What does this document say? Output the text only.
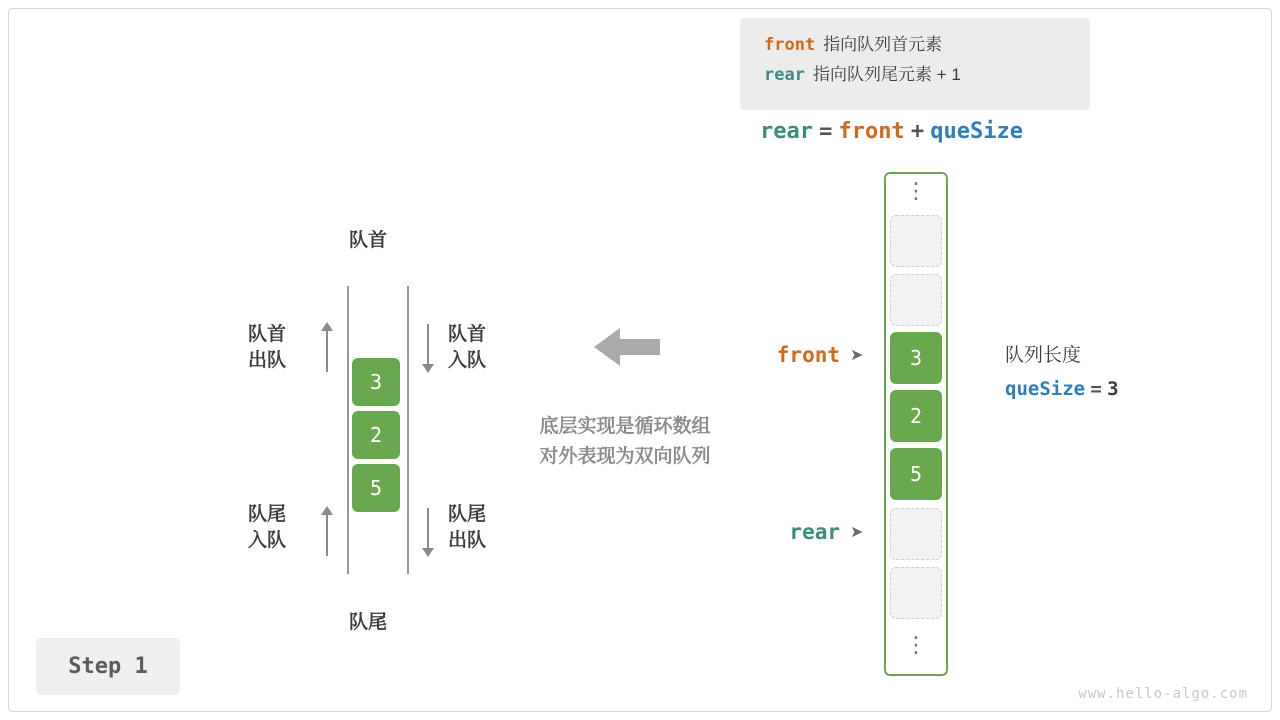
front 指向队列首元素
rear 指向队列尾元素 + 1
rear = front + queSize
队首
队尾
队首
出队
队尾
入队
队首
入队
队尾
出队
3
2
5
底层实现是循环数组
对外表现为双向队列
⋮
⋮
3
2
5
front ➤
rear ➤
队列长度
queSize = 3
Step 1
www.hello-algo.com
